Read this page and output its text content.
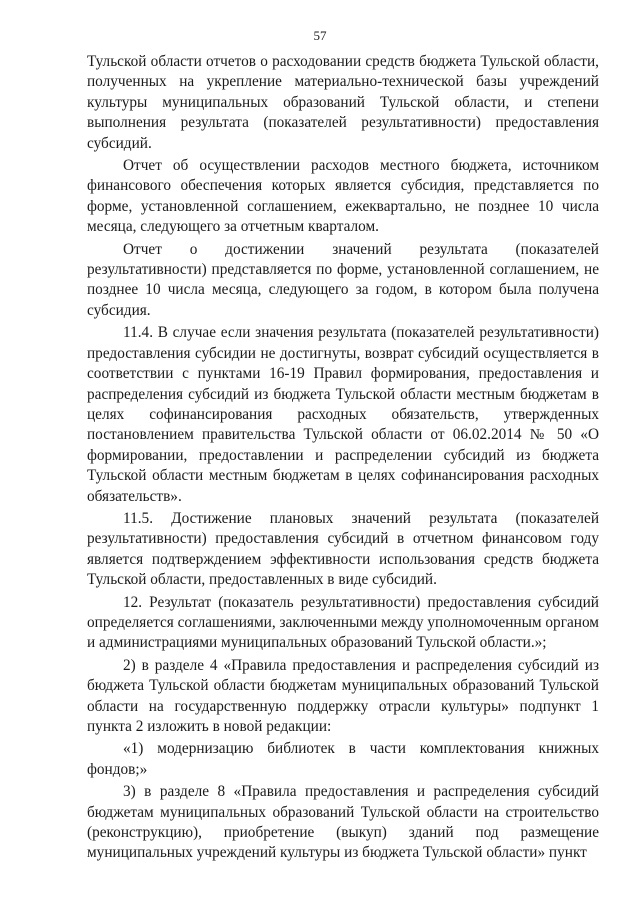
57

Тульской области отчетов о расходовании средств бюджета Тульской области, полученных на укрепление материально-технической базы учреждений культуры муниципальных образований Тульской области, и степени выполнения результата (показателей результативности) предоставления субсидий.

Отчет об осуществлении расходов местного бюджета, источником финансового обеспечения которых является субсидия, представляется по форме, установленной соглашением, ежеквартально, не позднее 10 числа месяца, следующего за отчетным кварталом.

Отчет о достижении значений результата (показателей результативности) представляется по форме, установленной соглашением, не позднее 10 числа месяца, следующего за годом, в котором была получена субсидия.

11.4. В случае если значения результата (показателей результативности) предоставления субсидии не достигнуты, возврат субсидий осуществляется в соответствии с пунктами 16-19 Правил формирования, предоставления и распределения субсидий из бюджета Тульской области местным бюджетам в целях софинансирования расходных обязательств, утвержденных постановлением правительства Тульской области от 06.02.2014 № 50 «О формировании, предоставлении и распределении субсидий из бюджета Тульской области местным бюджетам в целях софинансирования расходных обязательств».

11.5. Достижение плановых значений результата (показателей результативности) предоставления субсидий в отчетном финансовом году является подтверждением эффективности использования средств бюджета Тульской области, предоставленных в виде субсидий.

12. Результат (показатель результативности) предоставления субсидий определяется соглашениями, заключенными между уполномоченным органом и администрациями муниципальных образований Тульской области.»;

2) в разделе 4 «Правила предоставления и распределения субсидий из бюджета Тульской области бюджетам муниципальных образований Тульской области на государственную поддержку отрасли культуры» подпункт 1 пункта 2 изложить в новой редакции:

«1) модернизацию библиотек в части комплектования книжных фондов;»

3) в разделе 8 «Правила предоставления и распределения субсидий бюджетам муниципальных образований Тульской области на строительство (реконструкцию), приобретение (выкуп) зданий под размещение муниципальных учреждений культуры из бюджета Тульской области» пункт
